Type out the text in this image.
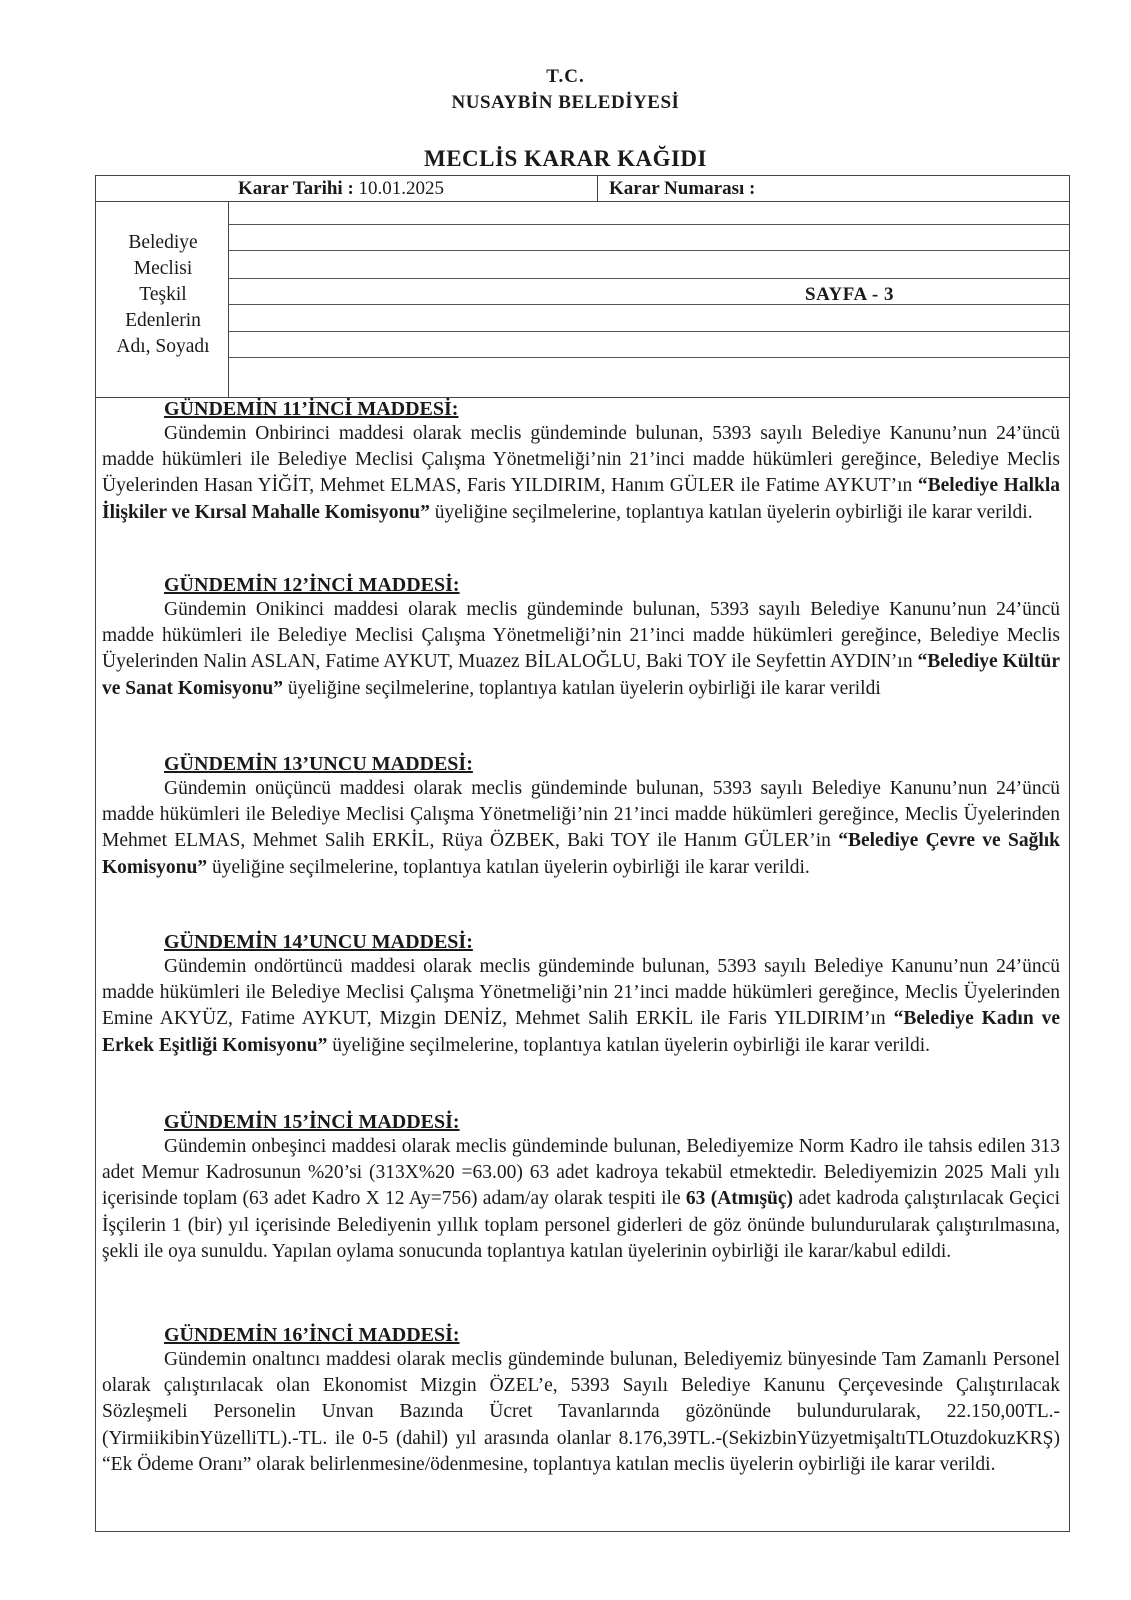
T.C.
NUSAYBİN BELEDİYESİ
MECLİS KARAR KAĞIDI
Karar Tarihi : 10.01.2025	Karar Numarası :
Belediye
Meclisi
Teşkil
Edenlerin
Adı, Soyadı
SAYFA - 3
GÜNDEMİN 11’İNCİ MADDESİ:

Gündemin Onbirinci maddesi olarak meclis gündeminde bulunan, 5393 sayılı Belediye Kanunu’nun 24’üncü madde hükümleri ile Belediye Meclisi Çalışma Yönetmeliği’nin 21’inci madde hükümleri gereğince, Belediye Meclis Üyelerinden Hasan YİĞİT, Mehmet ELMAS, Faris YILDIRIM, Hanım GÜLER ile Fatime AYKUT’ın “Belediye Halkla İlişkiler ve Kırsal Mahalle Komisyonu” üyeliğine seçilmelerine, toplantıya katılan üyelerin oybirliği ile karar verildi.

GÜNDEMİN 12’İNCİ MADDESİ:

Gündemin Onikinci maddesi olarak meclis gündeminde bulunan, 5393 sayılı Belediye Kanunu’nun 24’üncü madde hükümleri ile Belediye Meclisi Çalışma Yönetmeliği’nin 21’inci madde hükümleri gereğince, Belediye Meclis Üyelerinden Nalin ASLAN, Fatime AYKUT, Muazez BİLALOĞLU, Baki TOY ile Seyfettin AYDIN’ın “Belediye Kültür ve Sanat Komisyonu” üyeliğine seçilmelerine, toplantıya katılan üyelerin oybirliği ile karar verildi

GÜNDEMİN 13’UNCU MADDESİ:

Gündemin onüçüncü maddesi olarak meclis gündeminde bulunan, 5393 sayılı Belediye Kanunu’nun 24’üncü madde hükümleri ile Belediye Meclisi Çalışma Yönetmeliği’nin 21’inci madde hükümleri gereğince, Meclis Üyelerinden Mehmet ELMAS, Mehmet Salih ERKİL, Rüya ÖZBEK, Baki TOY ile Hanım GÜLER’in “Belediye Çevre ve Sağlık Komisyonu” üyeliğine seçilmelerine, toplantıya katılan üyelerin oybirliği ile karar verildi.

GÜNDEMİN 14’UNCU MADDESİ:

Gündemin ondörtüncü maddesi olarak meclis gündeminde bulunan, 5393 sayılı Belediye Kanunu’nun 24’üncü madde hükümleri ile Belediye Meclisi Çalışma Yönetmeliği’nin 21’inci madde hükümleri gereğince, Meclis Üyelerinden Emine AKYÜZ, Fatime AYKUT, Mizgin DENİZ, Mehmet Salih ERKİL ile Faris YILDIRIM’ın “Belediye Kadın ve Erkek Eşitliği Komisyonu” üyeliğine seçilmelerine, toplantıya katılan üyelerin oybirliği ile karar verildi.

GÜNDEMİN 15’İNCİ MADDESİ:

Gündemin onbeşinci maddesi olarak meclis gündeminde bulunan, Belediyemize Norm Kadro ile tahsis edilen 313 adet Memur Kadrosunun %20’si (313X%20 =63.00) 63 adet kadroya tekabül etmektedir. Belediyemizin 2025 Mali yılı içerisinde toplam (63 adet Kadro X 12 Ay=756) adam/ay olarak tespiti ile 63 (Atmışüç) adet kadroda çalıştırılacak Geçici İşçilerin 1 (bir) yıl içerisinde Belediyenin yıllık toplam personel giderleri de göz önünde bulundurularak çalıştırılmasına, şekli ile oya sunuldu. Yapılan oylama sonucunda toplantıya katılan üyelerinin oybirliği ile karar/kabul edildi.

GÜNDEMİN 16’İNCİ MADDESİ:

Gündemin onaltıncı maddesi olarak meclis gündeminde bulunan, Belediyemiz bünyesinde Tam Zamanlı Personel olarak çalıştırılacak olan Ekonomist Mizgin ÖZEL’e, 5393 Sayılı Belediye Kanunu Çerçevesinde Çalıştırılacak Sözleşmeli Personelin Unvan Bazında Ücret Tavanlarında gözönünde bulundurularak, 22.150,00TL.-(YirmiikibinYüzelliTL).-TL. ile 0-5 (dahil) yıl arasında olanlar 8.176,39TL.-(SekizbinYüzyetmişaltıTLOtuzdokuzKRŞ) “Ek Ödeme Oranı” olarak belirlenmesine/ödenmesine, toplantıya katılan meclis üyelerin oybirliği ile karar verildi.
